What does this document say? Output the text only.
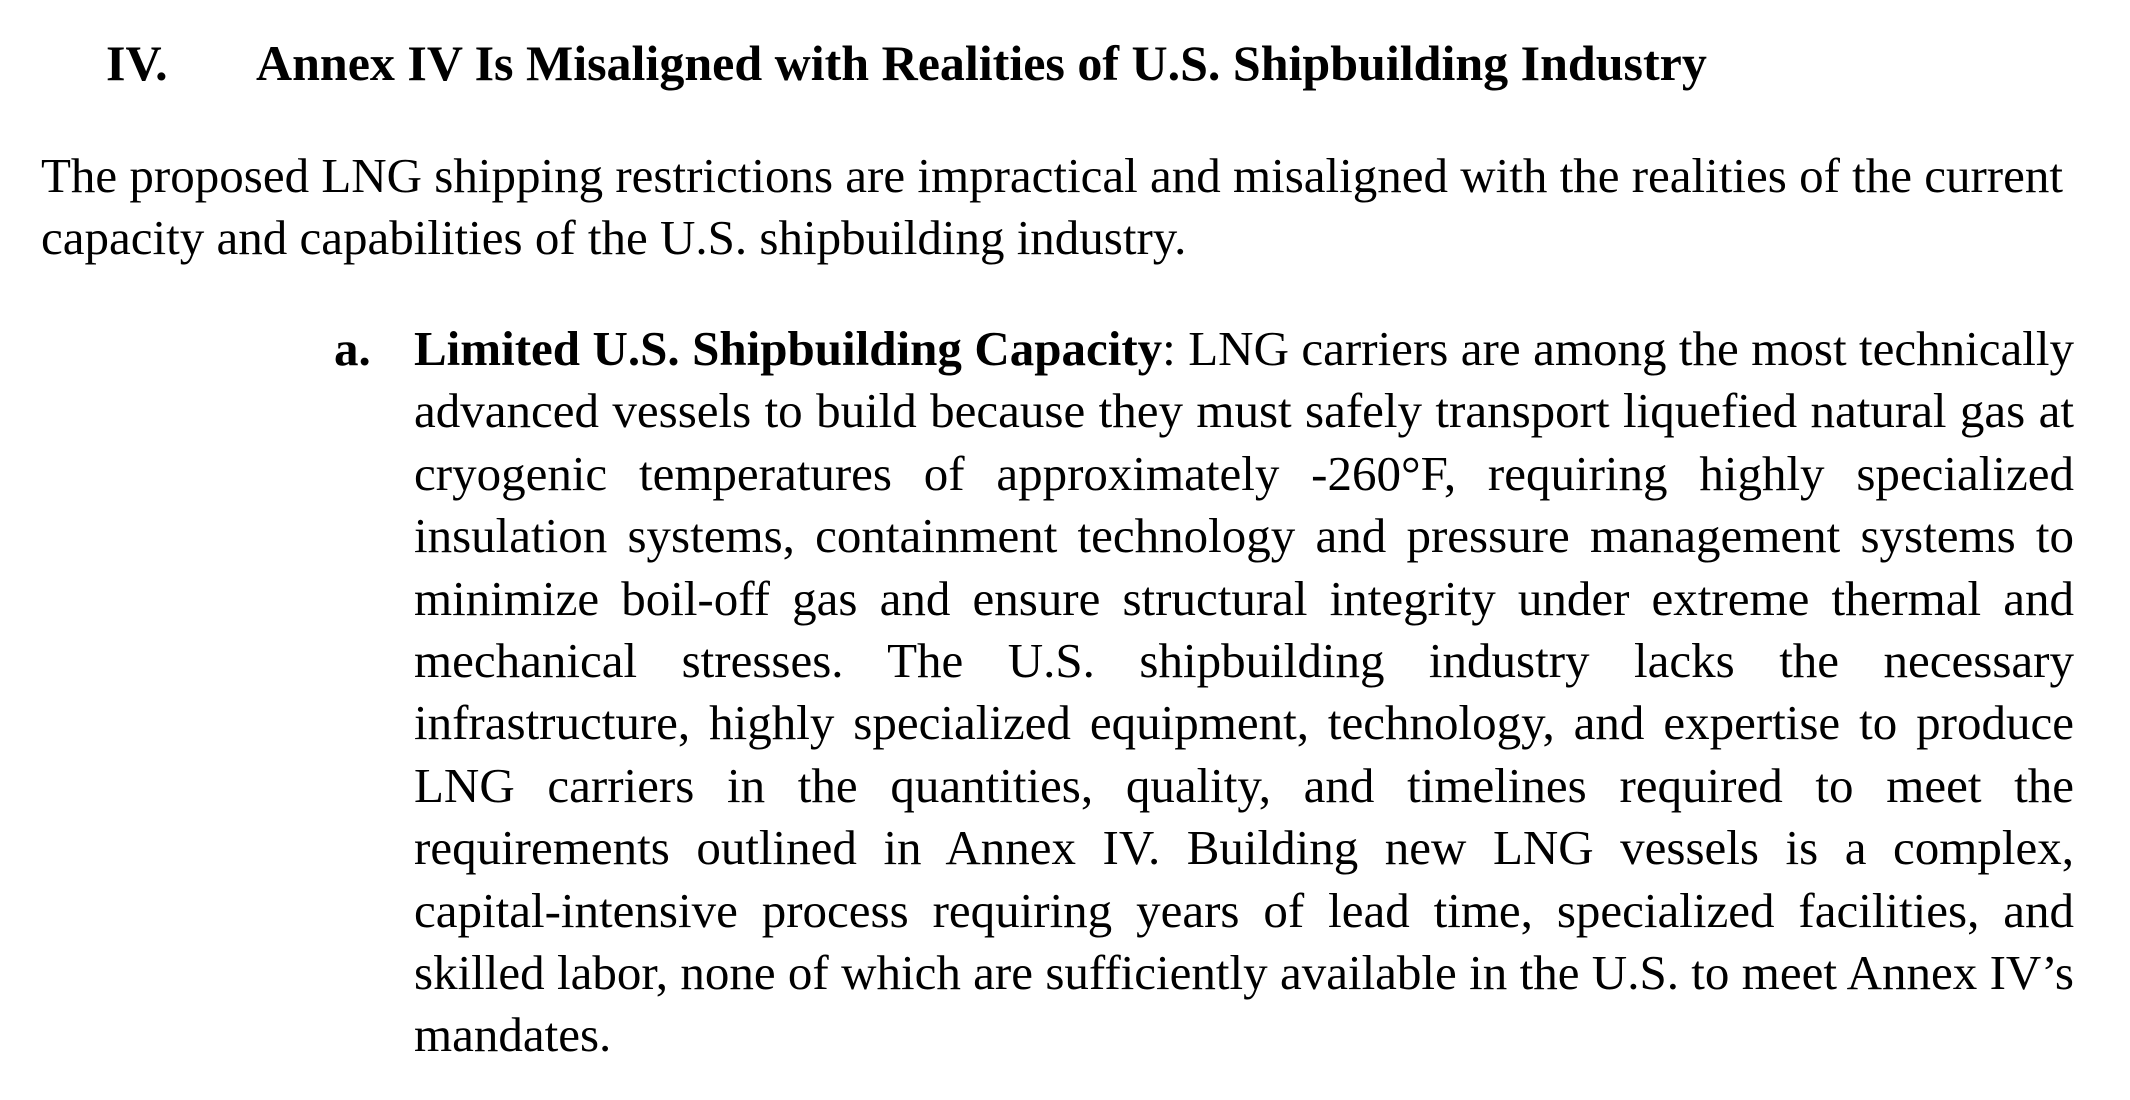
IV. Annex IV Is Misaligned with Realities of U.S. Shipbuilding Industry
The proposed LNG shipping restrictions are impractical and misaligned with the realities of the current capacity and capabilities of the U.S. shipbuilding industry.
a. Limited U.S. Shipbuilding Capacity: LNG carriers are among the most technically advanced vessels to build because they must safely transport liquefied natural gas at cryogenic temperatures of approximately -260°F, requiring highly specialized insulation systems, containment technology and pressure management systems to minimize boil-off gas and ensure structural integrity under extreme thermal and mechanical stresses. The U.S. shipbuilding industry lacks the necessary infrastructure, highly specialized equipment, technology, and expertise to produce LNG carriers in the quantities, quality, and timelines required to meet the requirements outlined in Annex IV. Building new LNG vessels is a complex, capital-intensive process requiring years of lead time, specialized facilities, and skilled labor, none of which are sufficiently available in the U.S. to meet Annex IV’s mandates.
